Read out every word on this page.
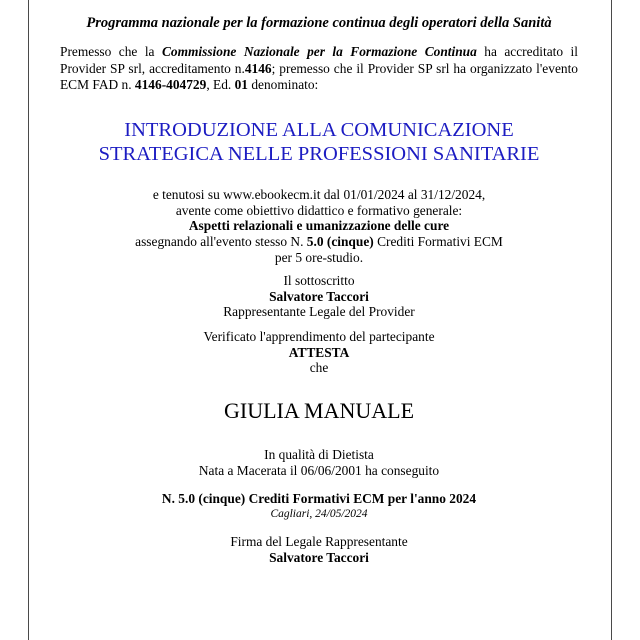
Programma nazionale per la formazione continua degli operatori della Sanità
Premesso che la Commissione Nazionale per la Formazione Continua ha accreditato il Provider SP srl, accreditamento n.4146; premesso che il Provider SP srl ha organizzato l'evento ECM FAD n. 4146-404729, Ed. 01 denominato:
INTRODUZIONE ALLA COMUNICAZIONE
STRATEGICA NELLE PROFESSIONI SANITARIE
e tenutosi su www.ebookecm.it dal 01/01/2024 al 31/12/2024,
avente come obiettivo didattico e formativo generale:
Aspetti relazionali e umanizzazione delle cure
assegnando all'evento stesso N. 5.0 (cinque) Crediti Formativi ECM
per 5 ore-studio.
Il sottoscritto
Salvatore Taccori
Rappresentante Legale del Provider
Verificato l'apprendimento del partecipante
ATTESTA
che
GIULIA MANUALE
In qualità di Dietista
Nata a Macerata il 06/06/2001 ha conseguito
N. 5.0 (cinque) Crediti Formativi ECM per l'anno 2024
Cagliari, 24/05/2024
Firma del Legale Rappresentante
Salvatore Taccori
